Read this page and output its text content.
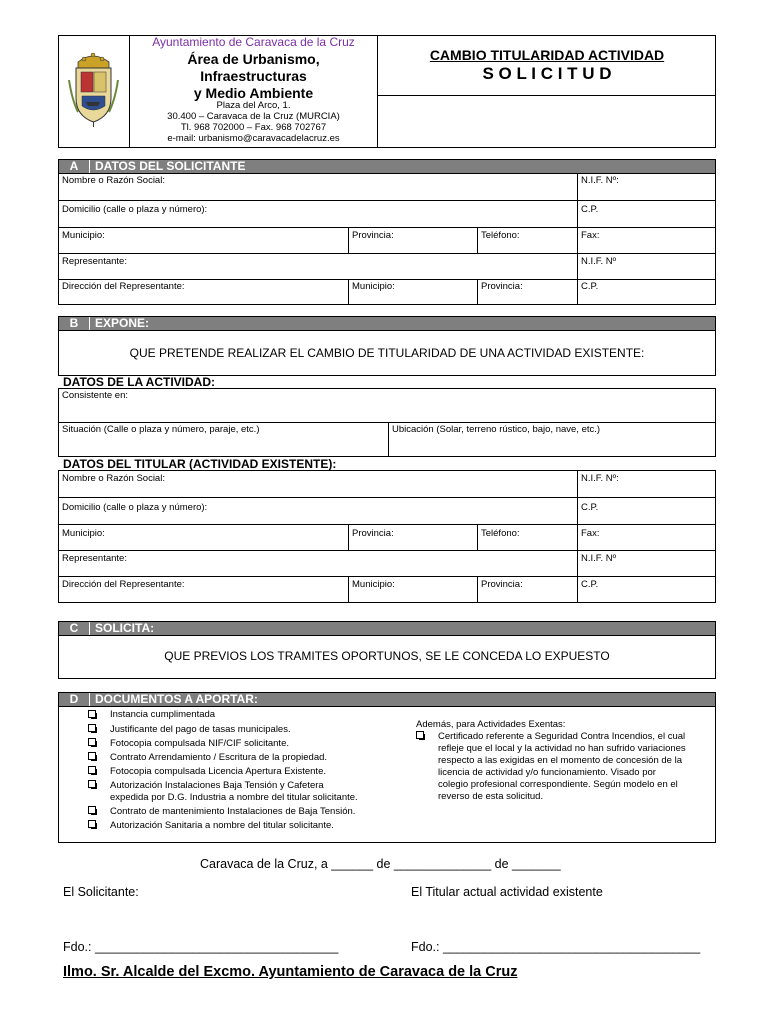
Ayuntamiento de Caravaca de la Cruz
Área de Urbanismo,
Infraestructuras
y Medio Ambiente
Plaza del Arco, 1.
30.400 – Caravaca de la Cruz (MURCIA)
Tl. 968 702000 – Fax. 968 702767
e-mail: urbanismo@caravacadelacruz.es
CAMBIO TITULARIDAD ACTIVIDAD
S O L I C I T U D
A	DATOS DEL SOLICITANTE
Nombre o Razón Social:	N.I.F. Nº:
Domicilio (calle o plaza y número):	C.P.
Municipio:	Provincia:	Teléfono:	Fax:
Representante:	N.I.F. Nº
Dirección del Representante:	Municipio:	Provincia:	C.P.
B	EXPONE:
QUE PRETENDE REALIZAR EL CAMBIO DE TITULARIDAD DE UNA ACTIVIDAD EXISTENTE:
DATOS DE LA ACTIVIDAD:
Consistente en:
Situación (Calle o plaza y número, paraje, etc.)	Ubicación (Solar, terreno rústico, bajo, nave, etc.)
DATOS DEL TITULAR (ACTIVIDAD EXISTENTE):
Nombre o Razón Social:	N.I.F. Nº:
Domicilio (calle o plaza y número):	C.P.
Municipio:	Provincia:	Teléfono:	Fax:
Representante:	N.I.F. Nº
Dirección del Representante:	Municipio:	Provincia:	C.P.
C	SOLICITA:
QUE PREVIOS LOS TRAMITES OPORTUNOS, SE LE CONCEDA LO EXPUESTO
D	DOCUMENTOS A APORTAR:
Instancia cumplimentada
Justificante del pago de tasas municipales.
Fotocopia compulsada NIF/CIF solicitante.
Contrato Arrendamiento / Escritura de la propiedad.
Fotocopia compulsada Licencia Apertura Existente.
Autorización Instalaciones Baja Tensión y Cafetera
expedida por D.G. Industria a nombre del titular solicitante.
Contrato de mantenimiento Instalaciones de Baja Tensión.
Autorización Sanitaria a nombre del titular solicitante.
Además, para Actividades Exentas:
Certificado referente a Seguridad Contra Incendios, el cual
refleje que el local y la actividad no han sufrido variaciones
respecto a las exigidas en el momento de concesión de la
licencia de actividad y/o funcionamiento. Visado por
colegio profesional correspondiente. Según modelo en el
reverso de esta solicitud.
Caravaca de la Cruz, a ______ de ______________ de _______
El Solicitante:	El Titular actual actividad existente
Fdo.: ___________________________________	Fdo.: _____________________________________
Ilmo. Sr. Alcalde del Excmo. Ayuntamiento de Caravaca de la Cruz
